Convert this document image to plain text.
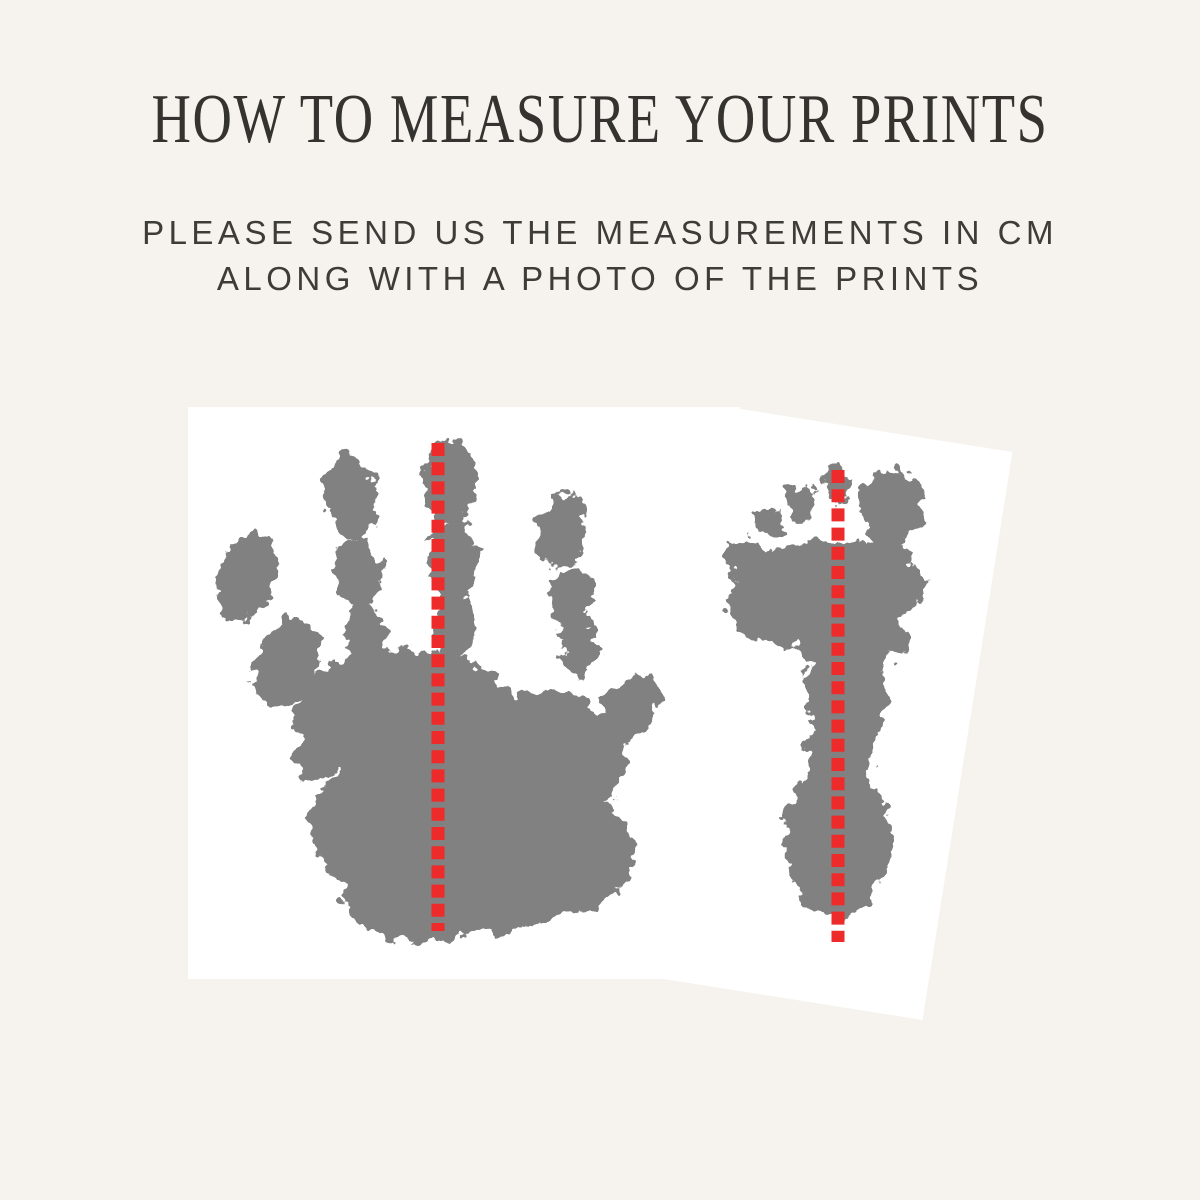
HOW TO MEASURE YOUR PRINTS
PLEASE SEND US THE MEASUREMENTS IN CM
ALONG WITH A PHOTO OF THE PRINTS
